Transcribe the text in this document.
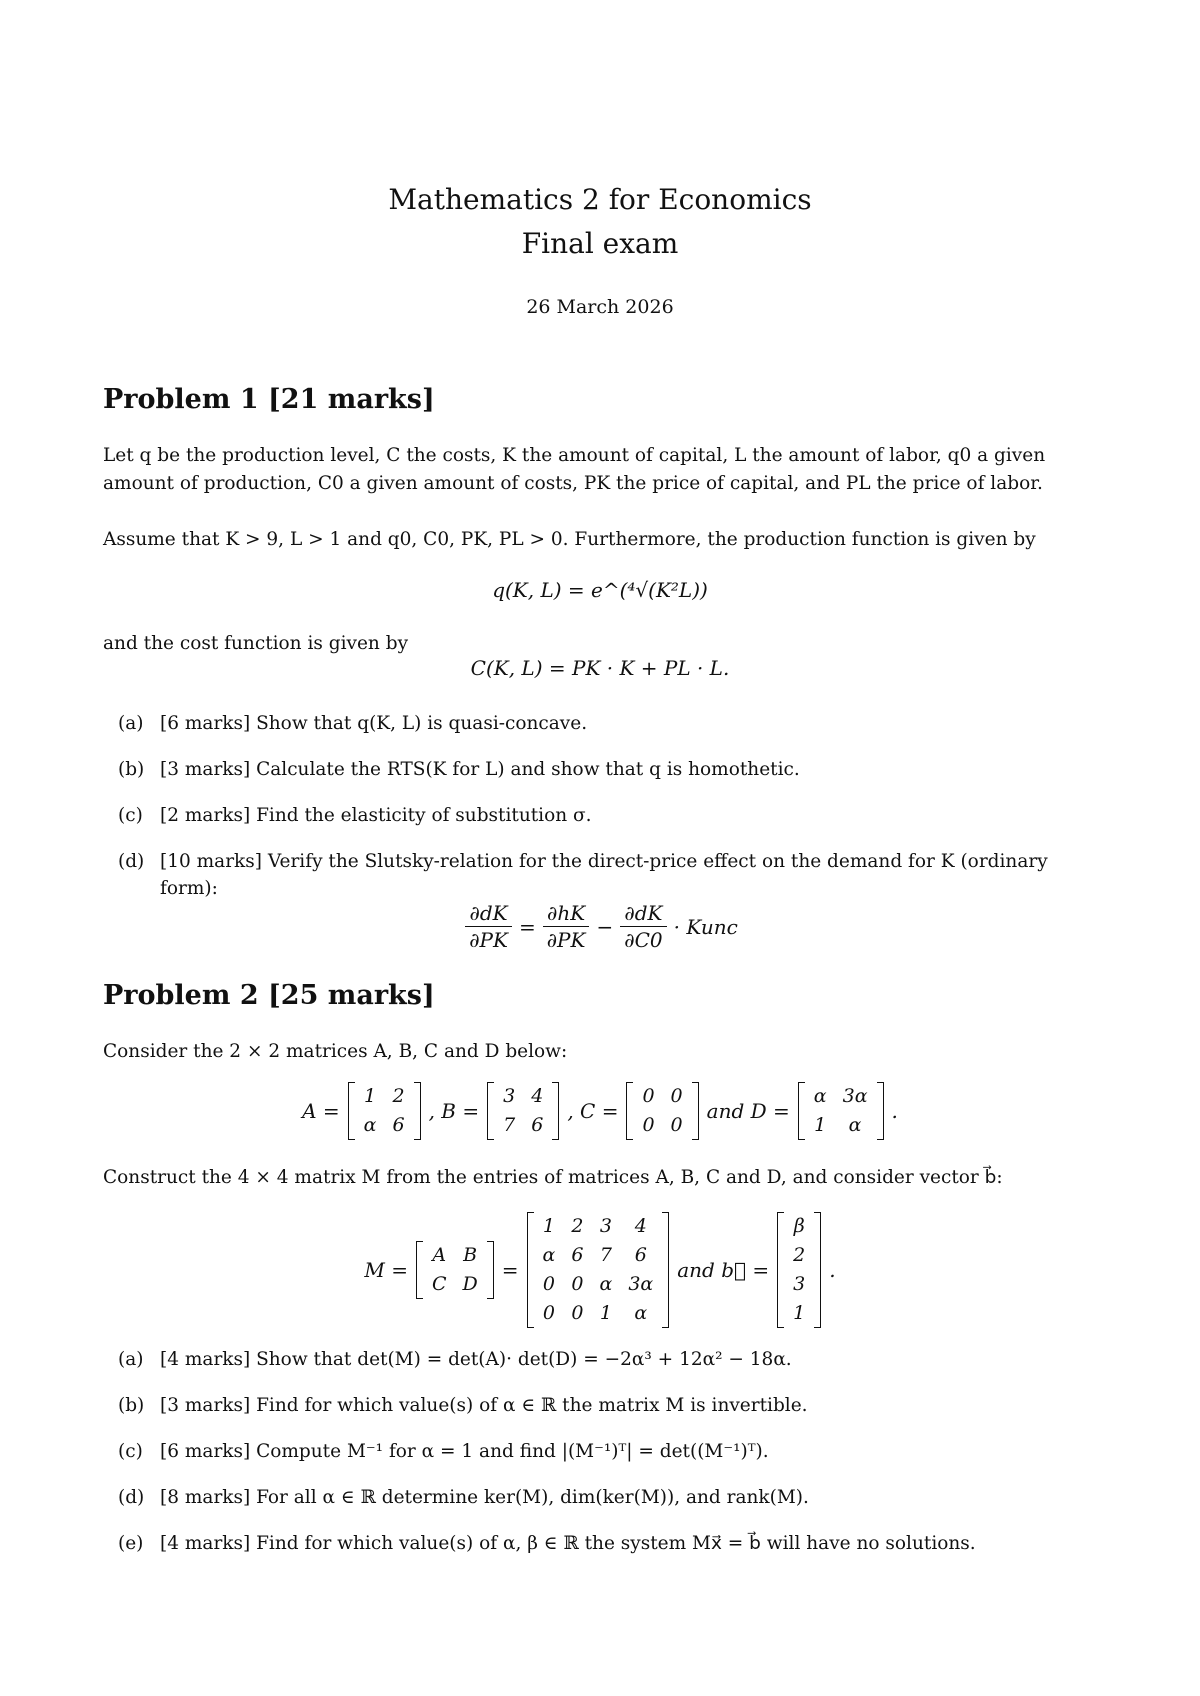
Mathematics 2 for Economics
Final exam
26 March 2026
Problem 1 [21 marks]
Let q be the production level, C the costs, K the amount of capital, L the amount of labor, q0 a given amount of production, C0 a given amount of costs, PK the price of capital, and PL the price of labor.
Assume that K > 9, L > 1 and q0, C0, PK, PL > 0. Furthermore, the production function is given by
q(K, L) = e^(⁴√(K²L))
and the cost function is given by
C(K, L) = PK · K + PL · L.
(a) [6 marks] Show that q(K, L) is quasi-concave.
(b) [3 marks] Calculate the RTS(K for L) and show that q is homothetic.
(c) [2 marks] Find the elasticity of substitution σ.
(d) [10 marks] Verify the Slutsky-relation for the direct-price effect on the demand for K (ordinary form):
$\frac{\partial dK}{\partial PK} = \frac{\partial hK}{\partial PK} - \frac{\partial dK}{\partial C0}$ · Kunc
Problem 2 [25 marks]
Consider the 2 × 2 matrices A, B, C and D below:
A =
1	2
α	6
, B =
3	4
7	6
, C =
0	0
0	0
and D =
α	3α
1	α
.
Construct the 4 × 4 matrix M from the entries of matrices A, B, C and D, and consider vector b⃗:
M =
A	B
C	D
=
1	2	3	4
α	6	7	6
0	0	α	3α
0	0	1	α
and b⃗ =
β
2
3
1
.
(a) [4 marks] Show that det(M) = det(A)· det(D) = −2α³ + 12α² − 18α.
(b) [3 marks] Find for which value(s) of α ∈ ℝ the matrix M is invertible.
(c) [6 marks] Compute M⁻¹ for α = 1 and find |(M⁻¹)ᵀ| = det((M⁻¹)ᵀ).
(d) [8 marks] For all α ∈ ℝ determine ker(M), dim(ker(M)), and rank(M).
(e) [4 marks] Find for which value(s) of α, β ∈ ℝ the system Mx⃗ = b⃗ will have no solutions.
